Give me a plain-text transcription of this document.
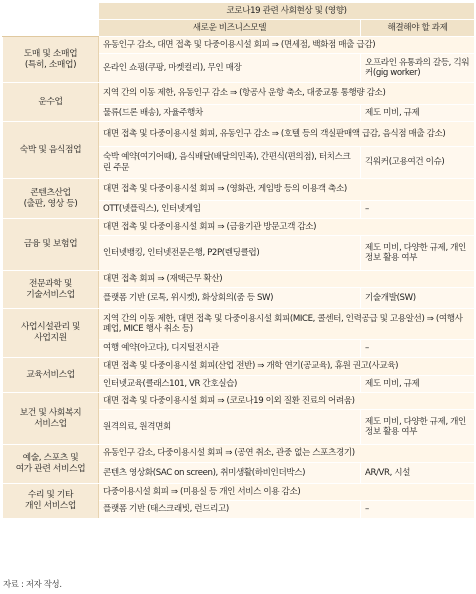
	코로나19 관련 사회현상 및 (영향)	
	새로운 비즈니스모델	해결해야 할 과제
도매 및 소매업
(특히, 소매업)	유동인구 감소, 대면 접촉 및 다중이용시설 회피 ⇒ (면세점, 백화점 매출 급감)	
	온라인 쇼핑(쿠팡, 마켓컬리), 무인 매장	오프라인 유통과의 갈등, 긱워커(gig worker)
운수업	지역 간의 이동 제한, 유동인구 감소 ⇒ (항공사 운항 축소, 대중교통 통행량 감소)	
	물류(드론 배송), 자율주행차	제도 미비, 규제
숙박 및 음식점업	대면 접촉 및 다중이용시설 회피, 유동인구 감소 ⇒ (호텔 등의 객실판매액 급감, 음식점 매출 감소)	
	숙박 예약(여기어때), 음식배달(배달의민족), 간편식(편의점), 터치스크린 주문	긱워커(고용여건 이슈)
콘텐츠산업
(출판, 영상 등)	대면 접촉 및 다중이용시설 회피 ⇒ (영화관, 게임방 등의 이용객 축소)	
	OTT(넷플릭스), 인터넷게임	–
금융 및 보험업	대면 접촉 및 다중이용시설 회피 ⇒ (금융기관 방문고객 감소)	
	인터넷뱅킹, 인터넷전문은행, P2P(렌딩클럽)	제도 미비, 다양한 규제, 개인정보 활용 여부
전문과학 및
기술서비스업	대면 접촉 회피 ⇒ (재택근무 확산)	
	플랫폼 기반 (로톡, 위시켓), 화상회의(줌 등 SW)	기술개발(SW)
사업시설관리 및
사업지원	지역 간의 이동 제한, 대면 접촉 및 다중이용시설 회피(MICE, 콜센터, 인력공급 및 고용알선) ⇒ (여행사 폐업, MICE 행사 취소 등)	
	여행 예약(아고다), 디지털전시관	–
교육서비스업	대면 접촉 및 다중이용시설 회피(산업 전반) ⇒ 개학 연기(공교육), 휴원 권고(사교육)	
	인터넷교육(클래스101, VR 간호실습)	제도 미비, 규제
보건 및 사회복지
서비스업	대면 접촉 및 다중이용시설 회피 ⇒ (코로나19 이외 질환 진료의 어려움)	
	원격의료, 원격면회	제도 미비, 다양한 규제, 개인정보 활용 여부
예술, 스포츠 및
여가 관련 서비스업	유동인구 감소, 다중이용시설 회피 ⇒ (공연 취소, 관중 없는 스포츠경기)	
	콘텐츠 영상화(SAC on screen), 취미생활(하비인더박스)	AR/VR, 시설
수리 및 기타
개인 서비스업	다중이용시설 회피 ⇒ (미용실 등 개인 서비스 이용 감소)	
	플랫폼 기반 (태스크래빗, 런드리고)	–
자료 : 저자 작성.
